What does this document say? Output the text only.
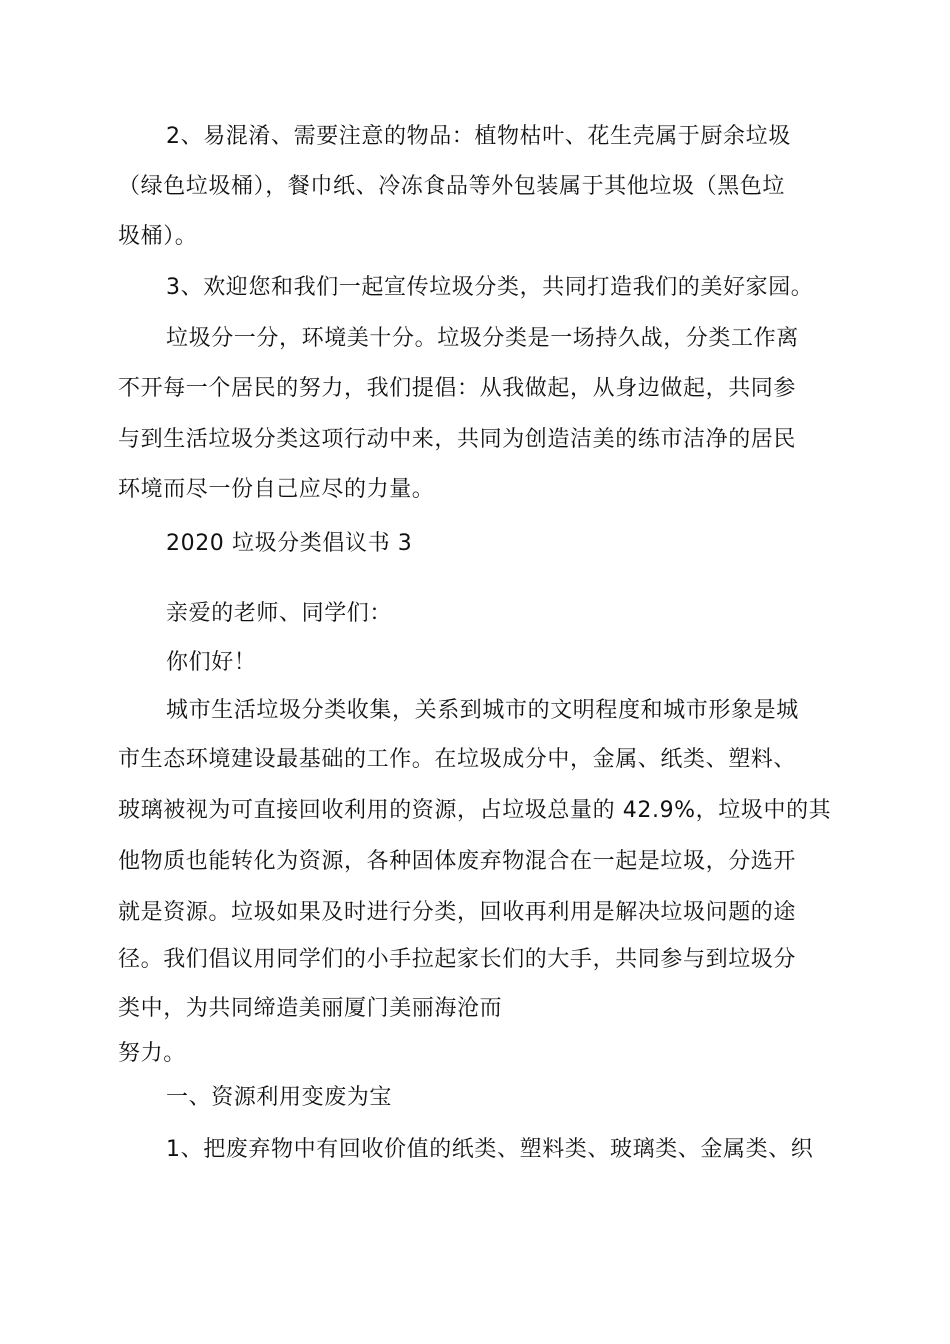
2、易混淆、需要注意的物品：植物枯叶、花生壳属于厨余垃圾
（绿色垃圾桶），餐巾纸、冷冻食品等外包装属于其他垃圾（黑色垃
圾桶）。
3、欢迎您和我们一起宣传垃圾分类，共同打造我们的美好家园。
垃圾分一分，环境美十分。垃圾分类是一场持久战，分类工作离
不开每一个居民的努力，我们提倡：从我做起，从身边做起，共同参
与到生活垃圾分类这项行动中来，共同为创造洁美的练市洁净的居民
环境而尽一份自己应尽的力量。
2020 垃圾分类倡议书 3
亲爱的老师、同学们：
你们好！
城市生活垃圾分类收集，关系到城市的文明程度和城市形象是城
市生态环境建设最基础的工作。在垃圾成分中，金属、纸类、塑料、
玻璃被视为可直接回收利用的资源，占垃圾总量的 42.9%，垃圾中的其
他物质也能转化为资源，各种固体废弃物混合在一起是垃圾，分选开
就是资源。垃圾如果及时进行分类，回收再利用是解决垃圾问题的途
径。我们倡议用同学们的小手拉起家长们的大手，共同参与到垃圾分
类中，为共同缔造美丽厦门美丽海沧而
努力。
一、资源利用变废为宝
1、把废弃物中有回收价值的纸类、塑料类、玻璃类、金属类、织
